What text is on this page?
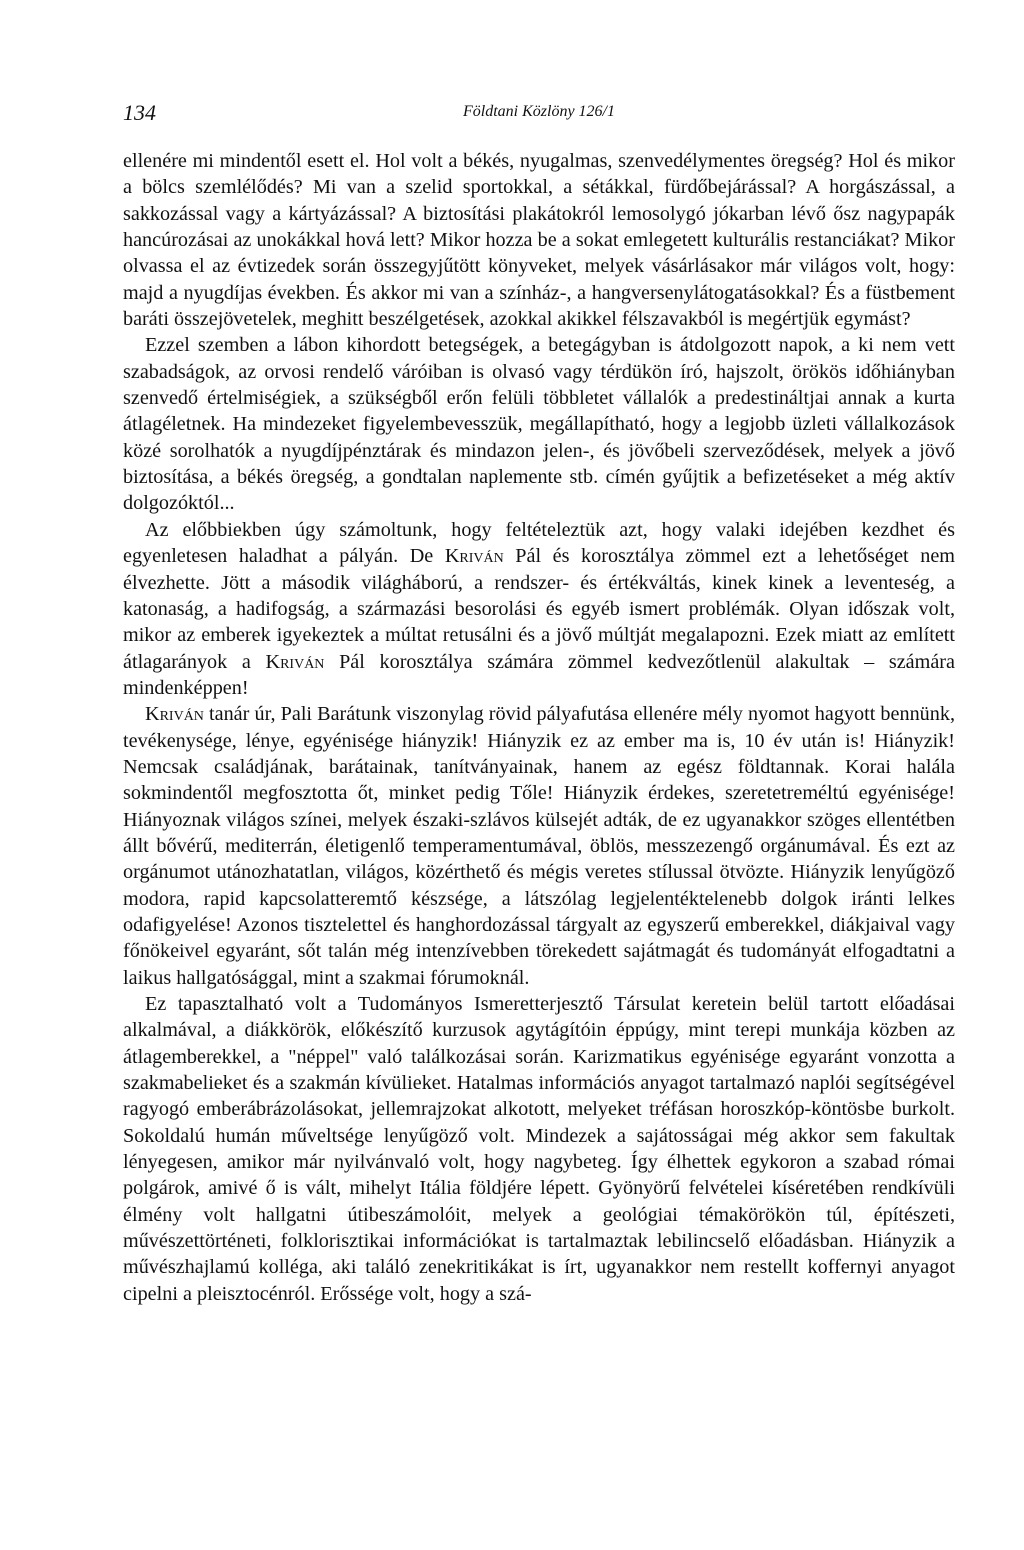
134	Földtani Közlöny 126/1

ellenére mi mindentől esett el. Hol volt a békés, nyugalmas, szenvedélymentes öregség? Hol és mikor a bölcs szemlélődés? Mi van a szelid sportokkal, a sétákkal, fürdőbejárással? A horgászással, a sakkozással vagy a kártyázással? A biztosítási plakátokról lemosolygó jókarban lévő ősz nagypapák hancúrozásai az unokákkal hová lett? Mikor hozza be a sokat emlegetett kulturális restanciákat? Mikor olvassa el az évtizedek során összegyjűtött könyveket, melyek vásárlásakor már világos volt, hogy: majd a nyugdíjas években. És akkor mi van a színház-, a hangversenylátogatásokkal? És a füstbement baráti összejövetelek, meghitt beszélgetések, azokkal akikkel félszavakból is megértjük egymást?

Ezzel szemben a lábon kihordott betegségek, a betegágyban is átdolgozott napok, a ki nem vett szabadságok, az orvosi rendelő váróiban is olvasó vagy térdükön író, hajszolt, örökös időhiányban szenvedő értelmiségiek, a szükségből erőn felüli többletet vállalók a predestináltjai annak a kurta átlagéletnek. Ha mindezeket figyelembevesszük, megállapítható, hogy a legjobb üzleti vállalkozások közé sorolhatók a nyugdíjpénztárak és mindazon jelen-, és jövőbeli szerveződések, melyek a jövő biztosítása, a békés öregség, a gondtalan naplemente stb. címén gyűjtik a befizetéseket a még aktív dolgozóktól...

Az előbbiekben úgy számoltunk, hogy feltételeztük azt, hogy valaki idejében kezdhet és egyenletesen haladhat a pályán. De Kriván Pál és korosztálya zömmel ezt a lehetőséget nem élvezhette. Jött a második világháború, a rendszer- és értékváltás, kinek kinek a leventeség, a katonaság, a hadifogság, a származási besorolási és egyéb ismert problémák. Olyan időszak volt, mikor az emberek igyekeztek a múltat retusálni és a jövő múltját megalapozni. Ezek miatt az említett átlagarányok a Kriván Pál korosztálya számára zömmel kedvezőtlenül alakultak – számára mindenképpen!

Kriván tanár úr, Pali Barátunk viszonylag rövid pályafutása ellenére mély nyomot hagyott bennünk, tevékenysége, lénye, egyénisége hiányzik! Hiányzik ez az ember ma is, 10 év után is! Hiányzik! Nemcsak családjának, barátainak, tanítványainak, hanem az egész földtannak. Korai halála sokmindentől megfosztotta őt, minket pedig Tőle! Hiányzik érdekes, szeretetreméltú egyénisége! Hiányoznak világos színei, melyek északi-szlávos külsejét adták, de ez ugyanakkor szöges ellentétben állt bővérű, mediterrán, életigenlő temperamentumával, öblös, messzezengő orgánumával. És ezt az orgánumot utánozhatatlan, világos, közérthető és mégis veretes stílussal ötvözte. Hiányzik lenyűgöző modora, rapid kapcsolatteremtő készsége, a látszólag legjelentéktelenebb dolgok iránti lelkes odafigyelése! Azonos tisztelettel és hanghordozással tárgyalt az egyszerű emberekkel, diákjaival vagy főnökeivel egyaránt, sőt talán még intenzívebben törekedett sajátmagát és tudományát elfogadtatni a laikus hallgatósággal, mint a szakmai fórumoknál.

Ez tapasztalható volt a Tudományos Ismeretterjesztő Társulat keretein belül tartott előadásai alkalmával, a diákkörök, előkészítő kurzusok agytágítóin éppúgy, mint terepi munkája közben az átlagemberekkel, a "néppel" való találkozásai során. Karizmatikus egyénisége egyaránt vonzotta a szakmabelieket és a szakmán kívülieket. Hatalmas információs anyagot tartalmazó naplói segítségével ragyogó emberábrázolásokat, jellemrajzokat alkotott, melyeket tréfásan horoszkóp-köntösbe burkolt. Sokoldalú humán műveltsége lenyűgöző volt. Mindezek a sajátosságai még akkor sem fakultak lényegesen, amikor már nyilvánvaló volt, hogy nagybeteg. Így élhettek egykoron a szabad római polgárok, amivé ő is vált, mihelyt Itália földjére lépett. Gyönyörű felvételei kíséretében rendkívüli élmény volt hallgatni útibeszámolóit, melyek a geológiai témakörökön túl, építészeti, művészettörténeti, folklorisztikai információkat is tartalmaztak lebilincselő előadásban. Hiányzik a művészhajlamú kolléga, aki találó zenekritikákat is írt, ugyanakkor nem restellt koffernyi anyagot cipelni a pleisztocénról. Erőssége volt, hogy a szá-
